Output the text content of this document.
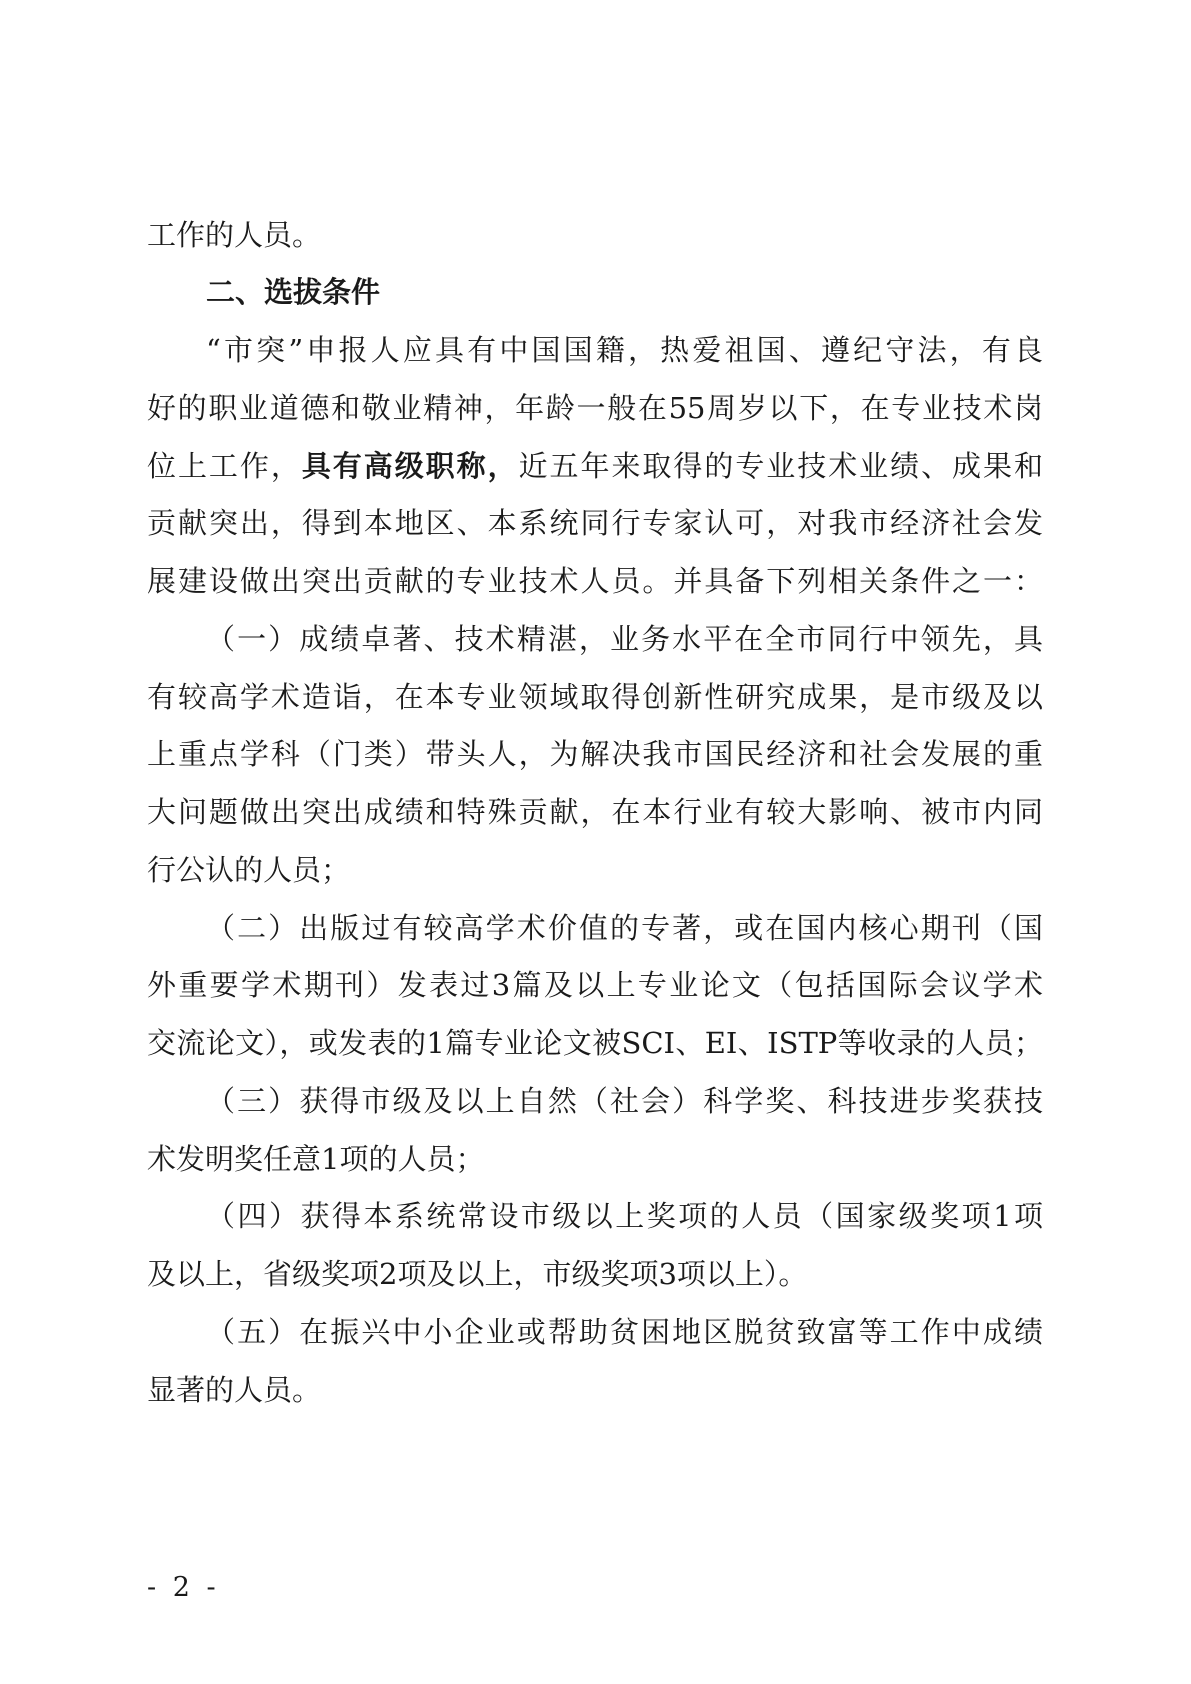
工作的人员。
二、选拔条件
“市突”申报人应具有中国国籍，热爱祖国、遵纪守法，有良
好的职业道德和敬业精神，年龄一般在55周岁以下，在专业技术岗
位上工作，具有高级职称，近五年来取得的专业技术业绩、成果和
贡献突出，得到本地区、本系统同行专家认可，对我市经济社会发
展建设做出突出贡献的专业技术人员。并具备下列相关条件之一：
（一）成绩卓著、技术精湛，业务水平在全市同行中领先，具
有较高学术造诣，在本专业领域取得创新性研究成果，是市级及以
上重点学科（门类）带头人，为解决我市国民经济和社会发展的重
大问题做出突出成绩和特殊贡献，在本行业有较大影响、被市内同
行公认的人员；
（二）出版过有较高学术价值的专著，或在国内核心期刊（国
外重要学术期刊）发表过3篇及以上专业论文（包括国际会议学术
交流论文），或发表的1篇专业论文被SCI、EI、ISTP等收录的人员；
（三）获得市级及以上自然（社会）科学奖、科技进步奖获技
术发明奖任意1项的人员；
（四）获得本系统常设市级以上奖项的人员（国家级奖项1项
及以上，省级奖项2项及以上，市级奖项3项以上）。
（五）在振兴中小企业或帮助贫困地区脱贫致富等工作中成绩
显著的人员。
- 2 -
